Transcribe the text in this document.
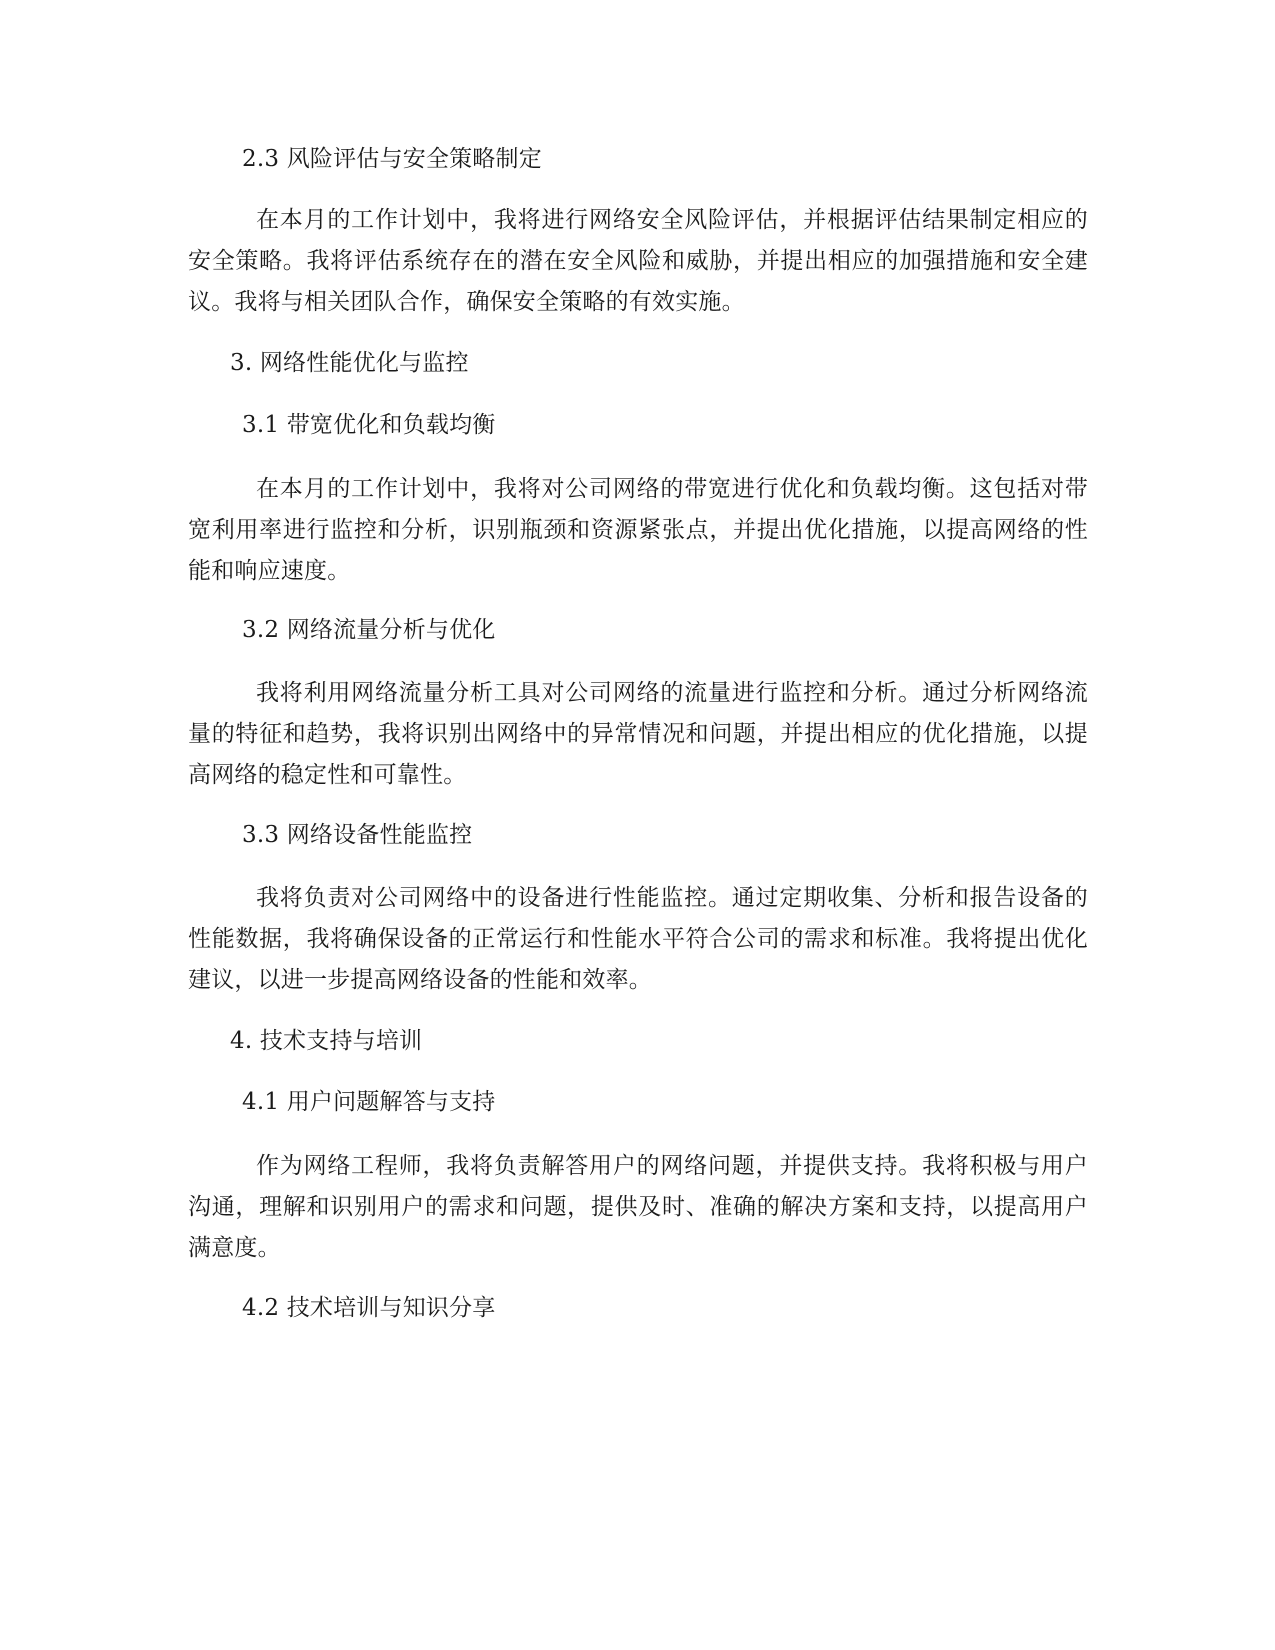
2.3 风险评估与安全策略制定
在本月的工作计划中，我将进行网络安全风险评估，并根据评估结果制定相应的安全策略。我将评估系统存在的潜在安全风险和威胁，并提出相应的加强措施和安全建议。我将与相关团队合作，确保安全策略的有效实施。
3. 网络性能优化与监控
3.1 带宽优化和负载均衡
在本月的工作计划中，我将对公司网络的带宽进行优化和负载均衡。这包括对带宽利用率进行监控和分析，识别瓶颈和资源紧张点，并提出优化措施，以提高网络的性能和响应速度。
3.2 网络流量分析与优化
我将利用网络流量分析工具对公司网络的流量进行监控和分析。通过分析网络流量的特征和趋势，我将识别出网络中的异常情况和问题，并提出相应的优化措施，以提高网络的稳定性和可靠性。
3.3 网络设备性能监控
我将负责对公司网络中的设备进行性能监控。通过定期收集、分析和报告设备的性能数据，我将确保设备的正常运行和性能水平符合公司的需求和标准。我将提出优化建议，以进一步提高网络设备的性能和效率。
4. 技术支持与培训
4.1 用户问题解答与支持
作为网络工程师，我将负责解答用户的网络问题，并提供支持。我将积极与用户沟通，理解和识别用户的需求和问题，提供及时、准确的解决方案和支持，以提高用户满意度。
4.2 技术培训与知识分享
